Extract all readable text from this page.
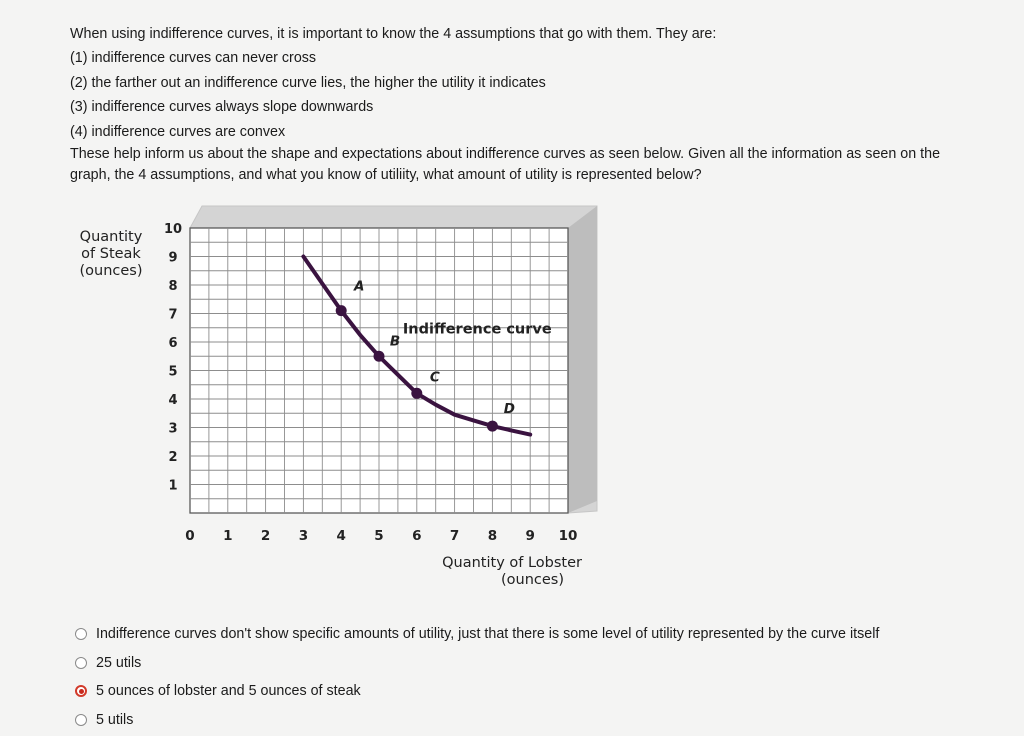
When using indifference curves, it is important to know the 4 assumptions that go with them. They are:

(1) indifference curves can never cross

(2) the farther out an indifference curve lies, the higher the utility it indicates

(3) indifference curves always slope downwards

(4) indifference curves are convex

These help inform us about the shape and expectations about indifference curves as seen below. Given all the information as seen on the graph, the 4 assumptions, and what you know of utiliity, what amount of utility is represented below?

Quantity
of Steak
(ounces)
0 1 2 3 4 5 6 7 8 9 10
1
2
3
4
5
6
7
8
9
10
A
B
C
D
Indifference curve
Quantity of Lobster
(ounces)
Indifference curves don't show specific amounts of utility, just that there is some level of utility represented by the curve itself
25 utils
5 ounces of lobster and 5 ounces of steak
5 utils
